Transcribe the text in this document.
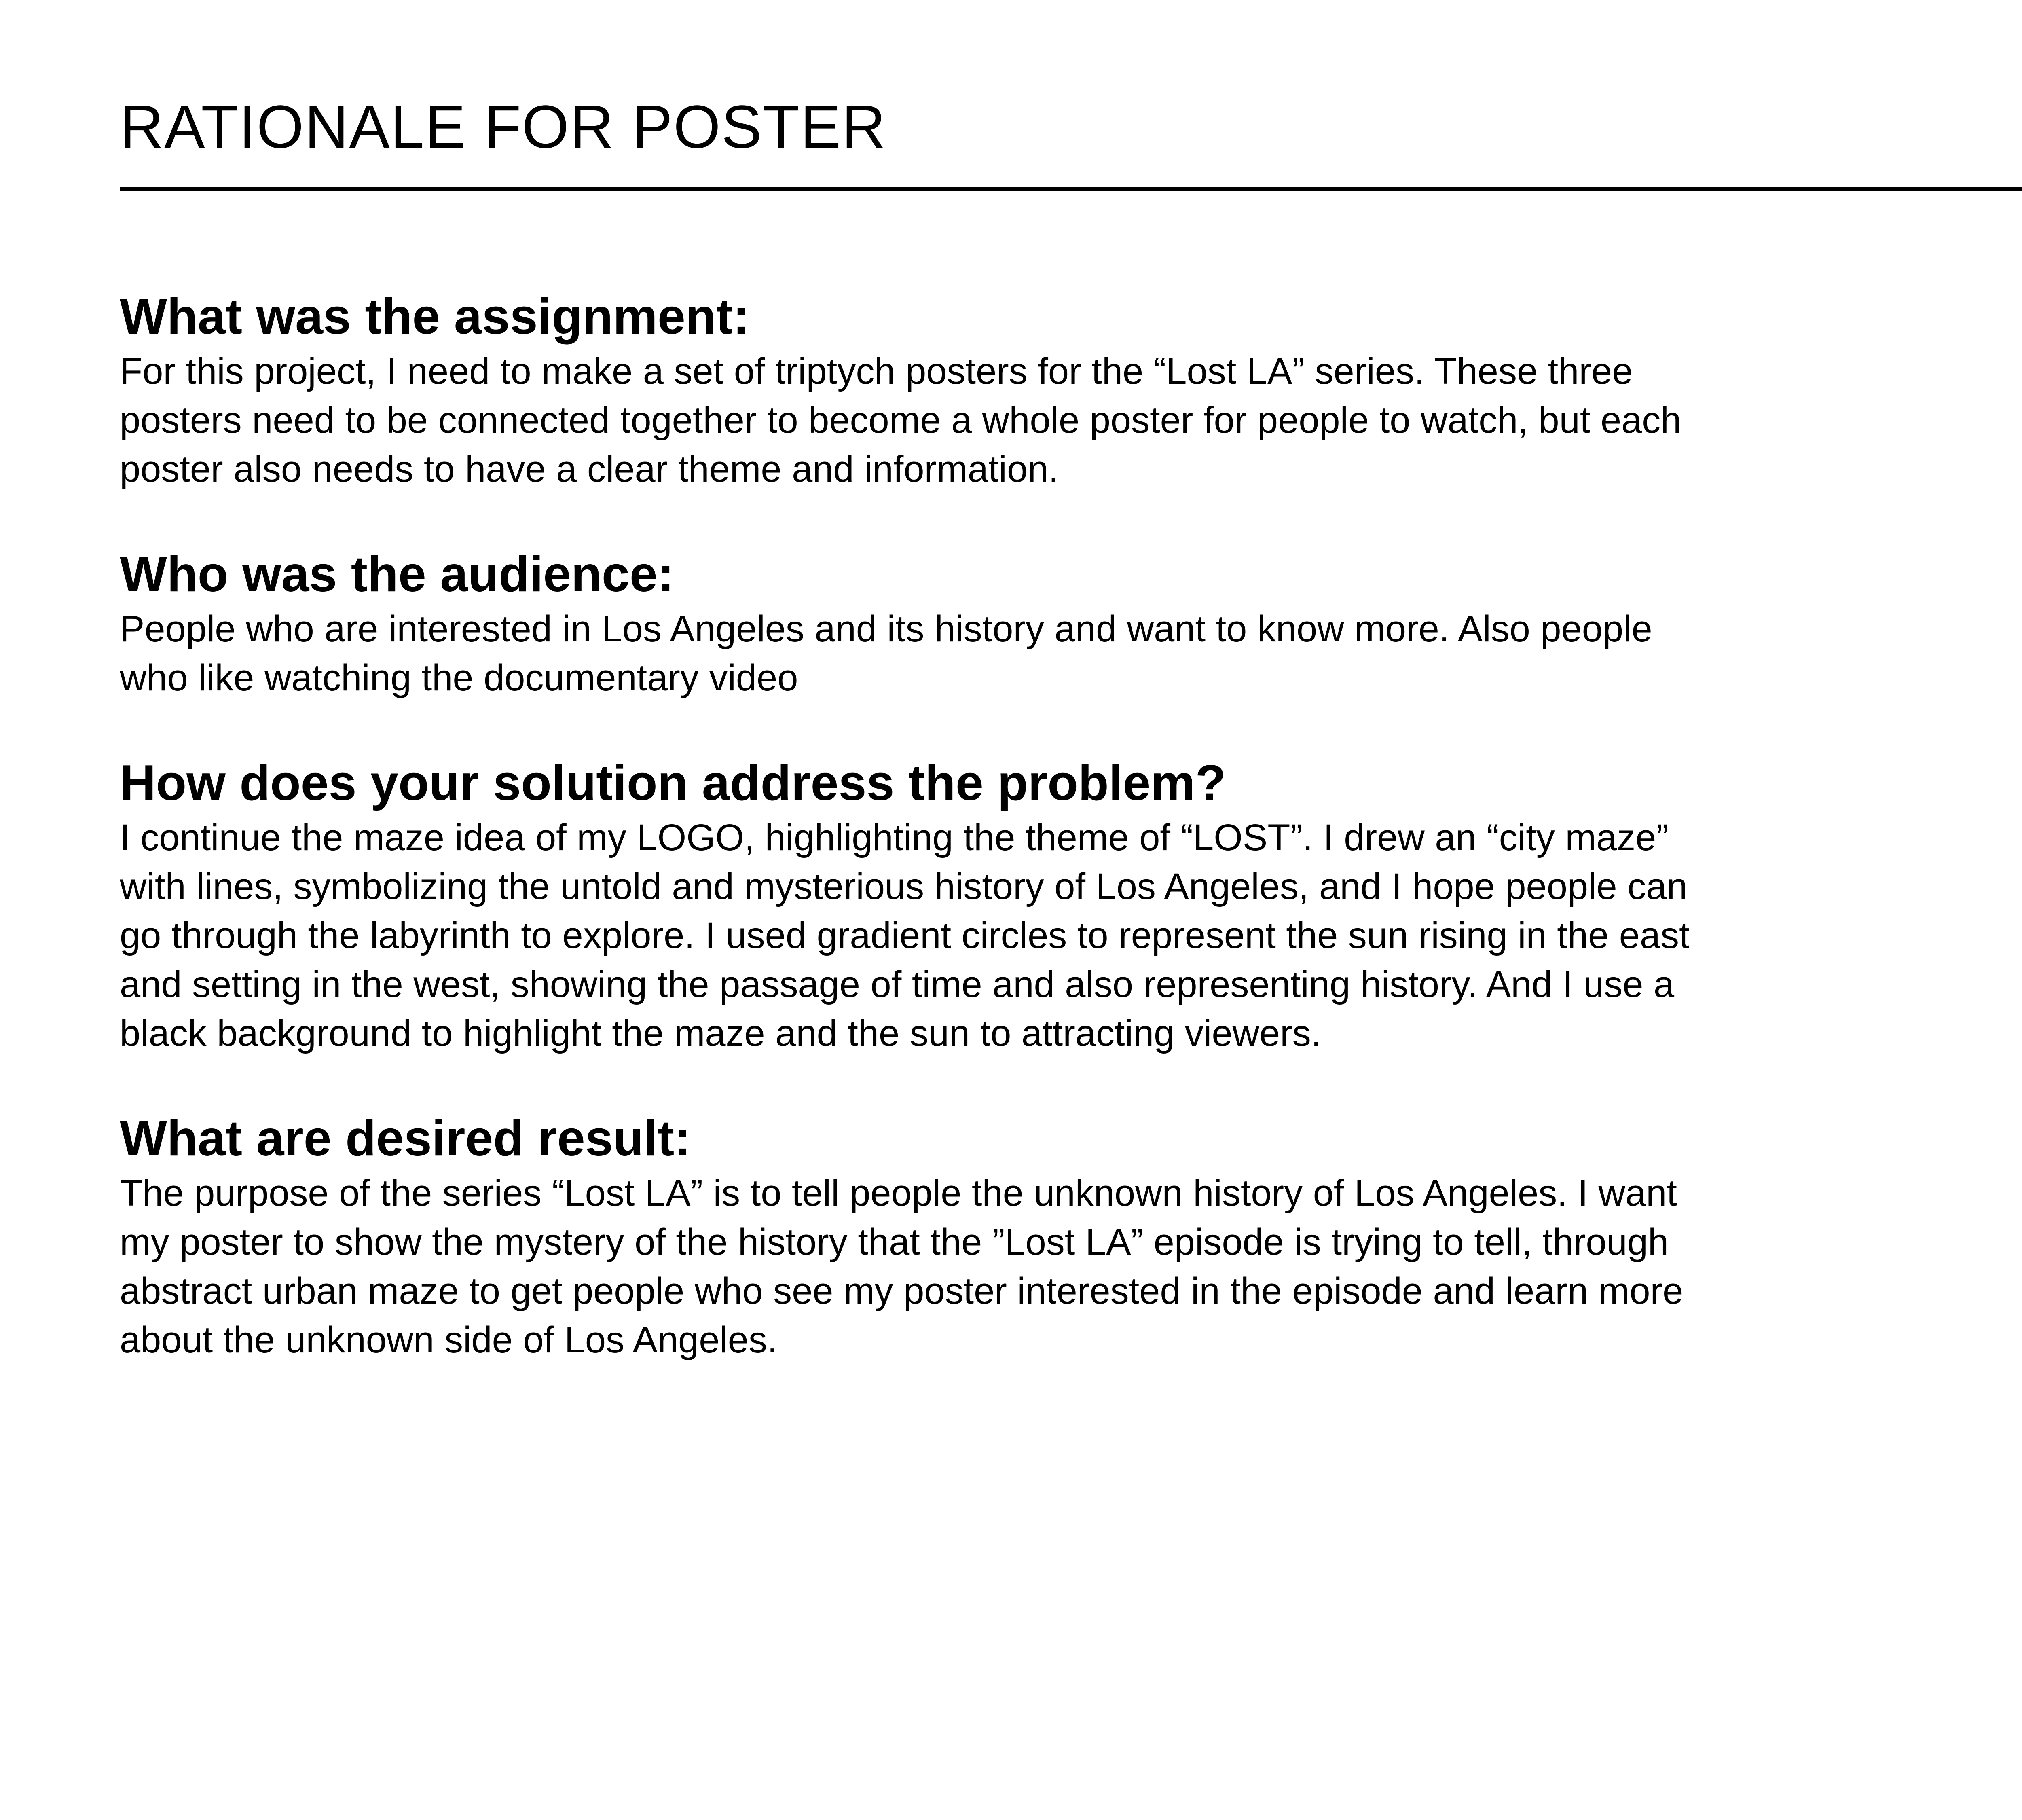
RATIONALE FOR POSTER
What was the assignment:

For this project, I need to make a set of triptych posters for the “Lost LA” series. These three
posters need to be connected together to become a whole poster for people to watch, but each
poster also needs to have a clear theme and information.

Who was the audience:

People who are interested in Los Angeles and its history and want to know more. Also people
who like watching the documentary video

How does your solution address the problem?

I continue the maze idea of my LOGO, highlighting the theme of “LOST”. I drew an “city maze”
with lines, symbolizing the untold and mysterious history of Los Angeles, and I hope people can
go through the labyrinth to explore. I used gradient circles to represent the sun rising in the east
and setting in the west, showing the passage of time and also representing history. And I use a
black background to highlight the maze and the sun to attracting viewers.

What are desired result:

The purpose of the series “Lost LA” is to tell people the unknown history of Los Angeles. I want
my poster to show the mystery of the history that the ”Lost LA” episode is trying to tell, through
abstract urban maze to get people who see my poster interested in the episode and learn more
about the unknown side of Los Angeles.
